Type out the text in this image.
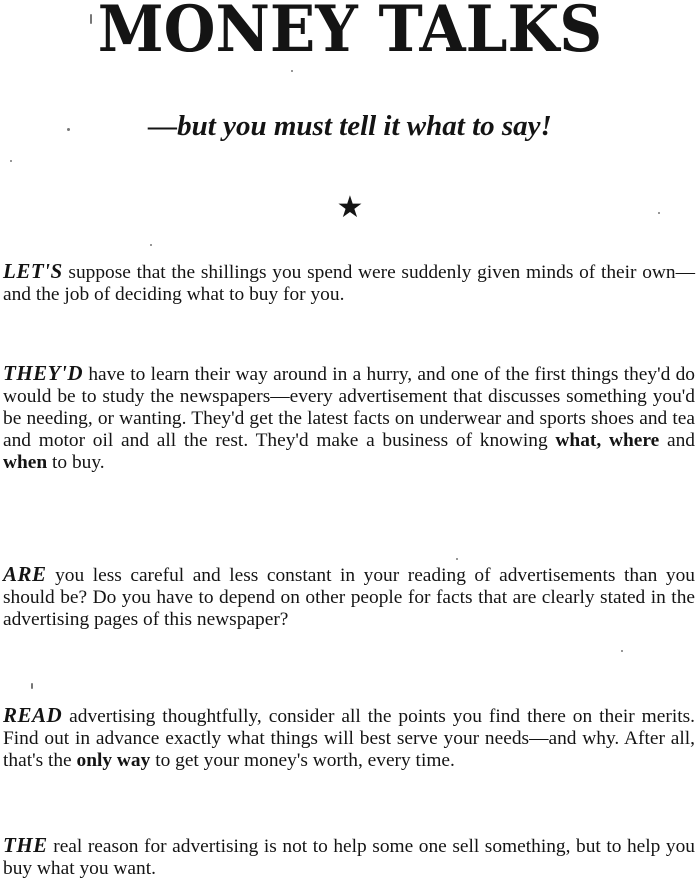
MONEY TALKS
—but you must tell it what to say!
★

LET'S suppose that the shillings you spend were suddenly given minds of their own—and the job of deciding what to buy for you.

THEY'D have to learn their way around in a hurry, and one of the first things they'd do would be to study the newspapers—every advertisement that discusses something you'd be needing, or wanting. They'd get the latest facts on underwear and sports shoes and tea and motor oil and all the rest. They'd make a business of knowing what, where and when to buy.

ARE you less careful and less constant in your reading of advertisements than you should be? Do you have to depend on other people for facts that are clearly stated in the advertising pages of this newspaper?

READ advertising thoughtfully, consider all the points you find there on their merits. Find out in advance exactly what things will best serve your needs—and why. After all, that's the only way to get your money's worth, every time.

THE real reason for advertising is not to help some one sell something, but to help you buy what you want.
